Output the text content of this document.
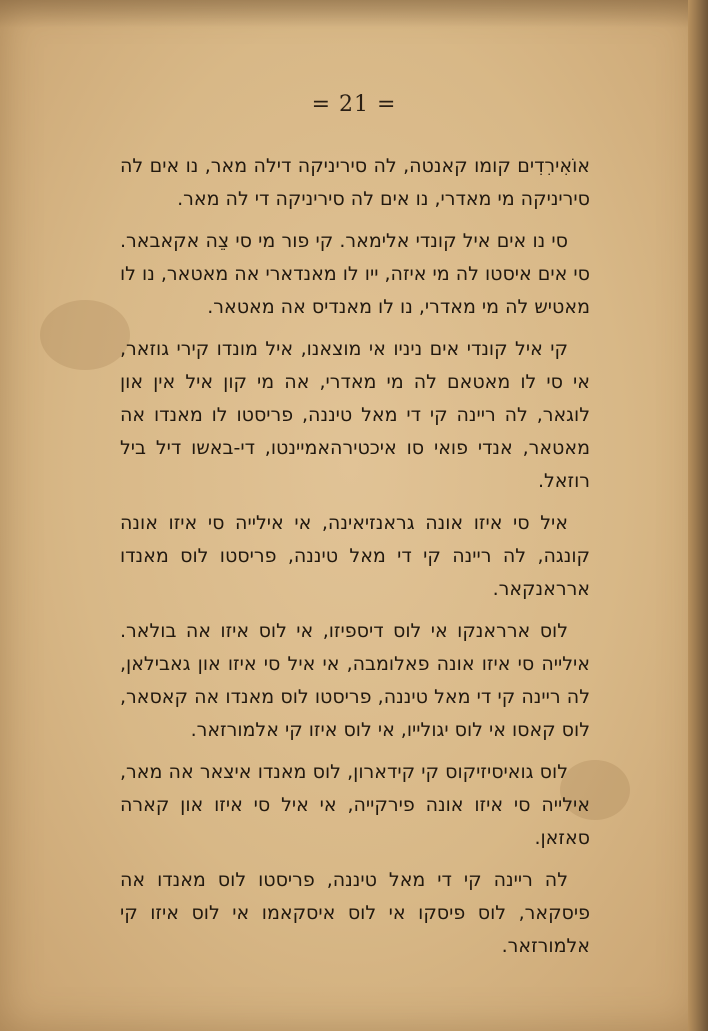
= 21 =

אוֹאִירִדִים קומו קאנטה, לה סיריניקה דילה מאר, נו אים לה סיריניקה מי מאדרי, נו אים לה סיריניקה די לה מאר.

סי נו אים איל קונדי אלימאר. קי פור מי סי צֵה אקאבאר. סי אים איסטו לה מי איזה, ייו לו מאנדארי אה מאטאר, נו לו מאטיש לה מי מאדרי, נו לו מאנדיס אה מאטאר.

קי איל קונדי אים ניניו אי מוצאנו, איל מונדו קירי גוזאר, אי סי לו מאטאם לה מי מאדרי, אה מי קון איל אין און לוגאר, לה ריינה קי די מאל טיננה, פריסטו לו מאנדו אה מאטאר, אנדי פואי סו איכטירהאמיינטו, די-באשו דיל ביל רוזאל.

איל סי איזו אונה גראנזיאינה, אי אילייה סי איזו אונה קונגה, לה ריינה קי די מאל טיננה, פריסטו לוס מאנדו ארראנקאר.

לוס ארראנקו אי לוס דיספיזו, אי לוס איזו אה בולאר. אילייה סי איזו אונה פאלומבה, אי איל סי איזו און גאבילאן, לה ריינה קי די מאל טיננה, פריסטו לוס מאנדו אה קאסאר, לוס קאסו אי לוס יגולייו, אי לוס איזו קי אלמורזאר.

לוס גואיסיזיקוס קי קידארון, לוס מאנדו איצאר אה מאר, אילייה סי איזו אונה פירקייה, אי איל סי איזו און קארה סאזאן.

לה ריינה קי די מאל טיננה, פריסטו לוס מאנדו אה פיסקאר, לוס פיסקו אי לוס איסקאמו אי לוס איזו קי אלמורזאר.
